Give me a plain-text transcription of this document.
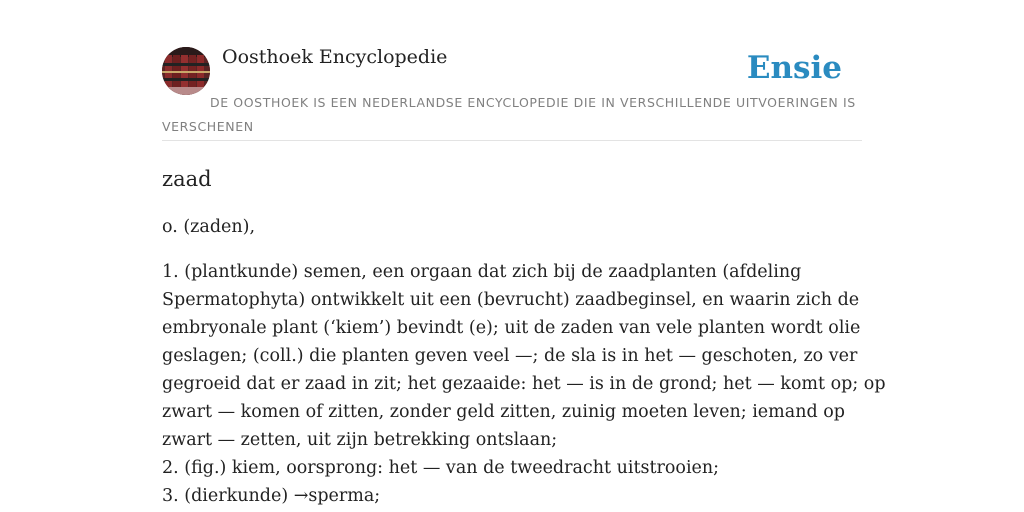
Oosthoek Encyclopedie	Ensie
DE OOSTHOEK IS EEN NEDERLANDSE ENCYCLOPEDIE DIE IN VERSCHILLENDE UITVOERINGEN IS VERSCHENEN
zaad

o. (zaden),

1. (plantkunde) semen, een orgaan dat zich bij de zaadplanten (afdeling
Spermatophyta) ontwikkelt uit een (bevrucht) zaadbeginsel, en waarin zich de
embryonale plant (‘kiem’) bevindt (e); uit de zaden van vele planten wordt olie
geslagen; (coll.) die planten geven veel —; de sla is in het — geschoten, zo ver
gegroeid dat er zaad in zit; het gezaaide: het — is in de grond; het — komt op; op
zwart — komen of zitten, zonder geld zitten, zuinig moeten leven; iemand op
zwart — zetten, uit zijn betrekking ontslaan;
2. (fig.) kiem, oorsprong: het — van de tweedracht uitstrooien;
3. (dierkunde) →sperma;
